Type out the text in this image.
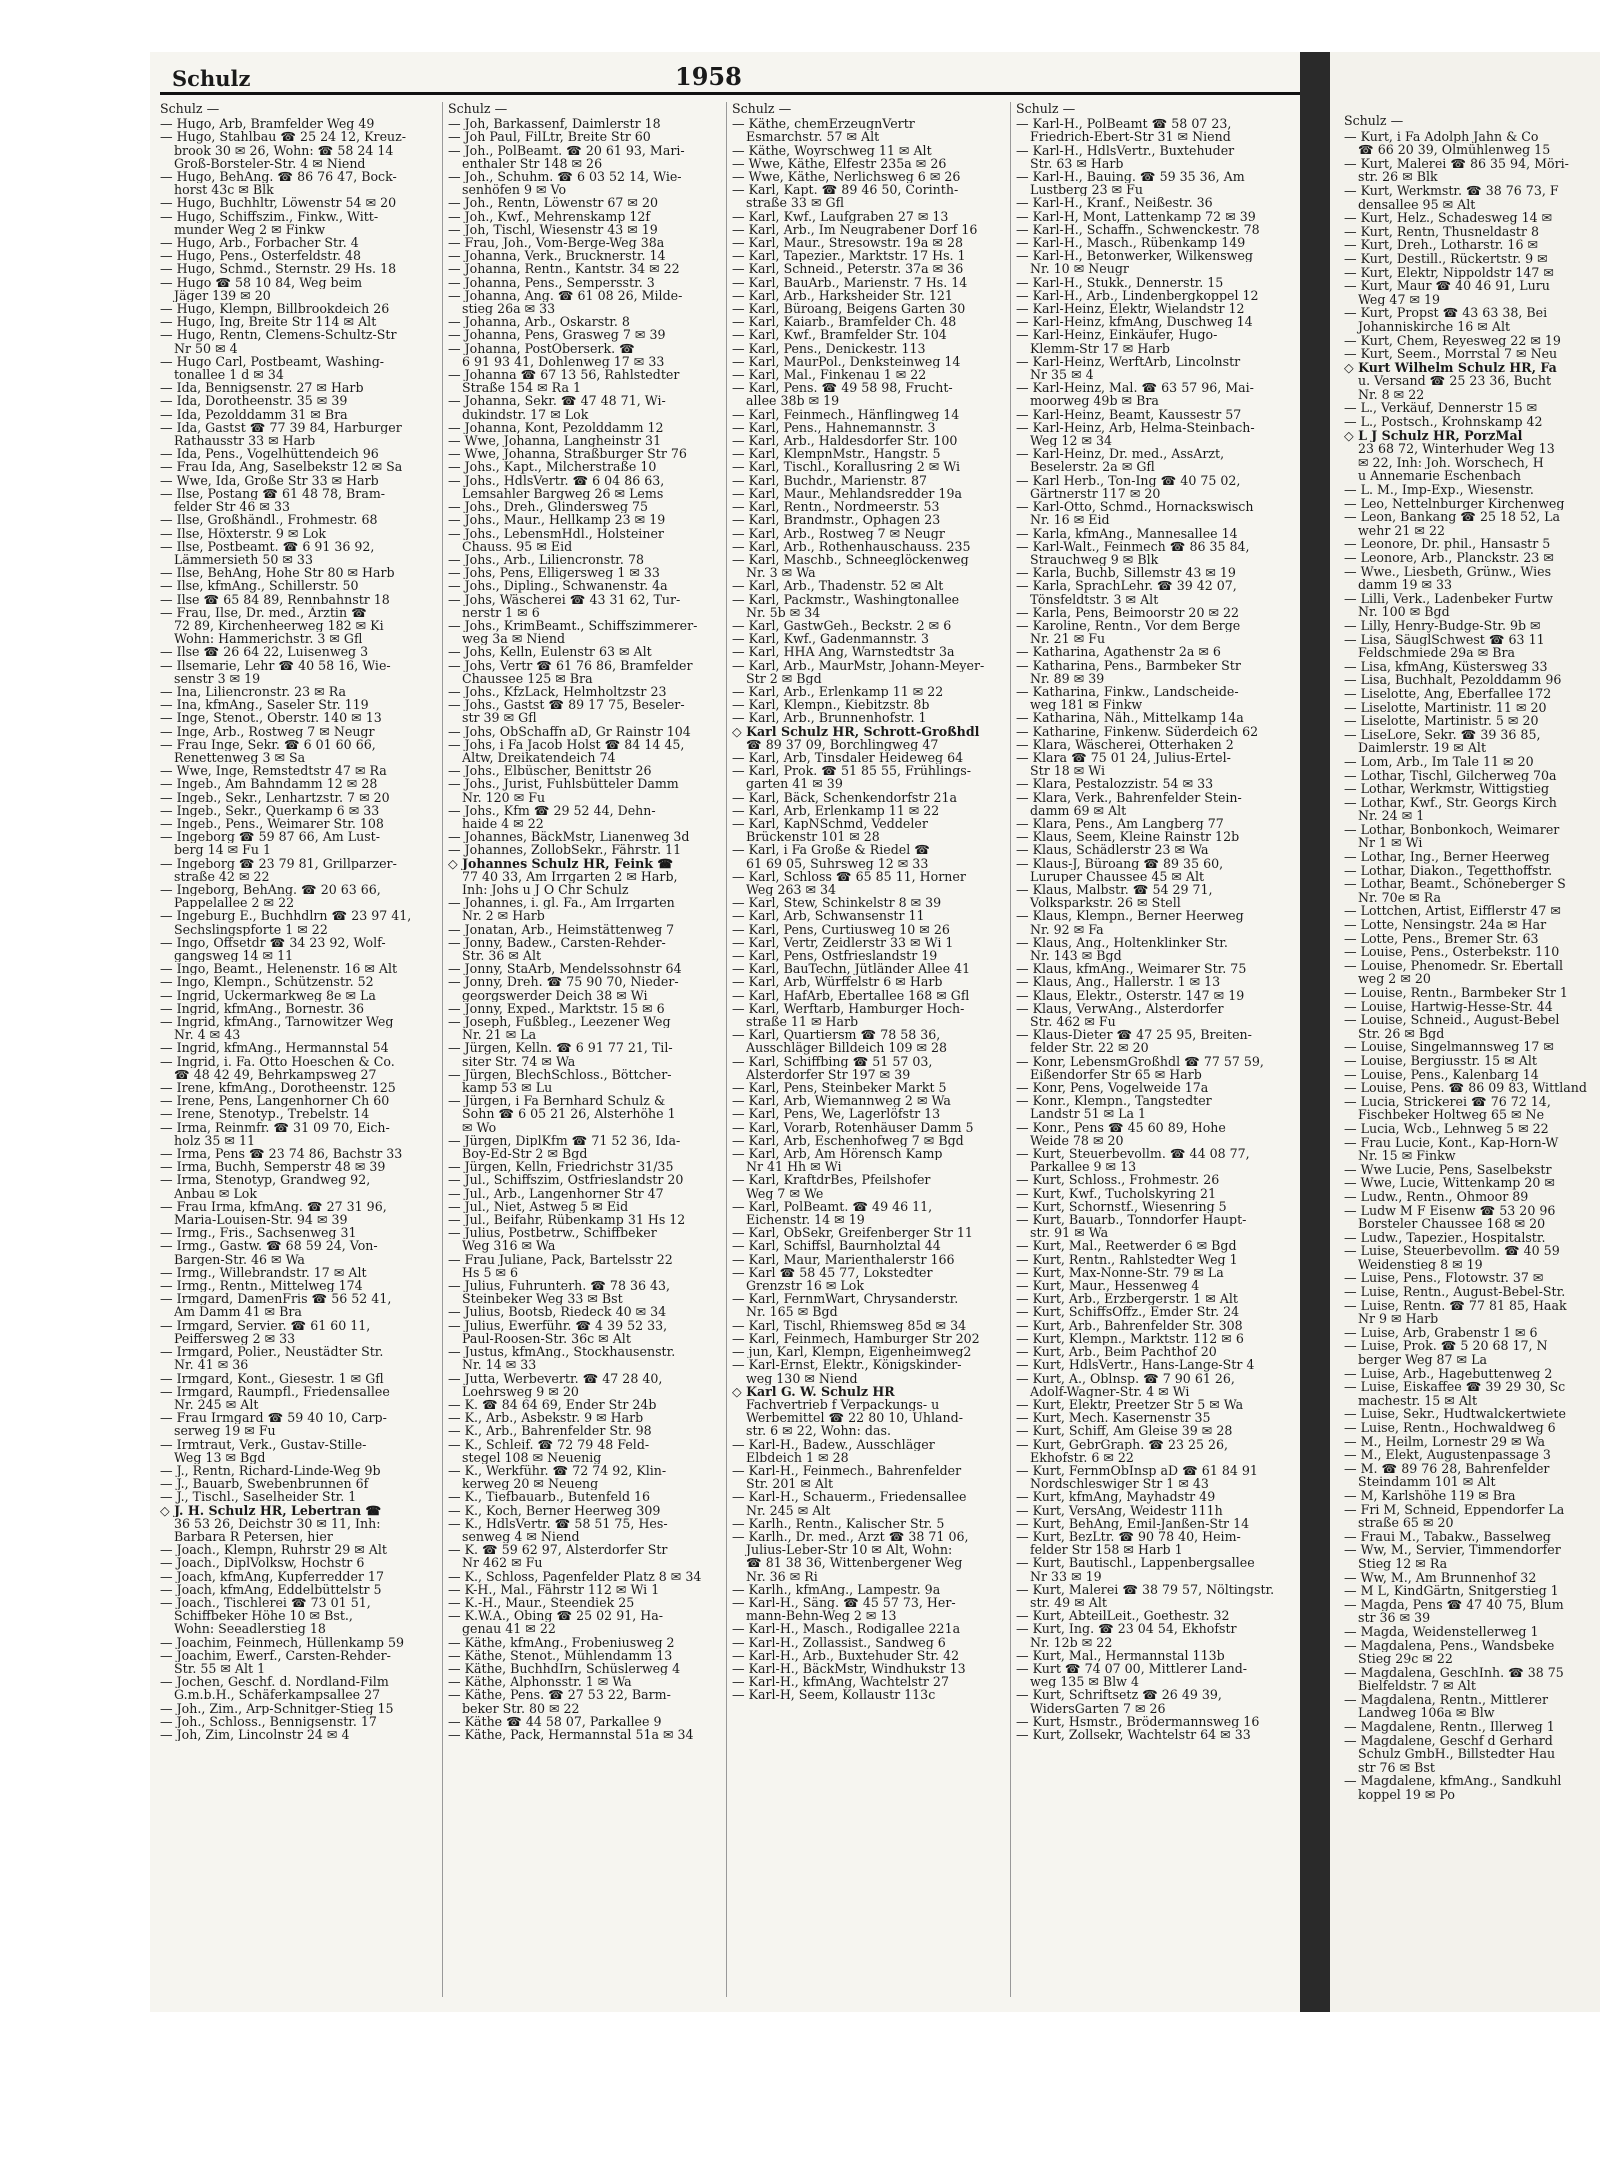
Schulz	1958
Schulz —
— Hugo, Arb, Bramfelder Weg 49
— Hugo, Stahlbau ☎ 25 24 12, Kreuz-
brook 30 ✉ 26, Wohn: ☎ 58 24 14
Groß-Borsteler-Str. 4 ✉ Niend
— Hugo, BehAng. ☎ 86 76 47, Bock-
horst 43c ✉ Blk
— Hugo, Buchhltr, Löwenstr 54 ✉ 20
— Hugo, Schiffszim., Finkw., Witt-
munder Weg 2 ✉ Finkw
— Hugo, Arb., Forbacher Str. 4
— Hugo, Pens., Osterfeldstr. 48
— Hugo, Schmd., Sternstr. 29 Hs. 18
— Hugo ☎ 58 10 84, Weg beim
Jäger 139 ✉ 20
— Hugo, Klempn, Billbrookdeich 26
— Hugo, Ing, Breite Str 114 ✉ Alt
— Hugo, Rentn, Clemens-Schultz-Str
Nr 50 ✉ 4
— Hugo Carl, Postbeamt, Washing-
tonallee 1 d ✉ 34
— Ida, Bennigsenstr. 27 ✉ Harb
— Ida, Dorotheenstr. 35 ✉ 39
— Ida, Pezolddamm 31 ✉ Bra
— Ida, Gastst ☎ 77 39 84, Harburger
Rathausstr 33 ✉ Harb
— Ida, Pens., Vogelhüttendeich 96
— Frau Ida, Ang, Saselbekstr 12 ✉ Sa
— Wwe, Ida, Große Str 33 ✉ Harb
— Ilse, Postang ☎ 61 48 78, Bram-
felder Str 46 ✉ 33
— Ilse, Großhändl., Frohmestr. 68
— Ilse, Höxterstr. 9 ✉ Lok
— Ilse, Postbeamt. ☎ 6 91 36 92,
Lämmersieth 50 ✉ 33
— Ilse, BehAng, Hohe Str 80 ✉ Harb
— Ilse, kfmAng., Schillerstr. 50
— Ilse ☎ 65 84 89, Rennbahnstr 18
— Frau, Ilse, Dr. med., Ärztin ☎
72 89, Kirchenheerweg 182 ✉ Ki
Wohn: Hammerichstr. 3 ✉ Gfl
— Ilse ☎ 26 64 22, Luisenweg 3
— Ilsemarie, Lehr ☎ 40 58 16, Wie-
senstr 3 ✉ 19
— Ina, Liliencronstr. 23 ✉ Ra
— Ina, kfmAng., Saseler Str. 119
— Inge, Stenot., Oberstr. 140 ✉ 13
— Inge, Arb., Rostweg 7 ✉ Neugr
— Frau Inge, Sekr. ☎ 6 01 60 66,
Renettenweg 3 ✉ Sa
— Wwe, Inge, Remstedtstr 47 ✉ Ra
— Ingeb., Am Bahndamm 12 ✉ 28
— Ingeb., Sekr., Lenhartzstr. 7 ✉ 20
— Ingeb., Sekr., Querkamp 6 ✉ 33
— Ingeb., Pens., Weimarer Str. 108
— Ingeborg ☎ 59 87 66, Am Lust-
berg 14 ✉ Fu 1
— Ingeborg ☎ 23 79 81, Grillparzer-
straße 42 ✉ 22
— Ingeborg, BehAng. ☎ 20 63 66,
Pappelallee 2 ✉ 22
— Ingeburg E., Buchhdlrn ☎ 23 97 41,
Sechslingspforte 1 ✉ 22
— Ingo, Offsetdr ☎ 34 23 92, Wolf-
gangsweg 14 ✉ 11
— Ingo, Beamt., Helenenstr. 16 ✉ Alt
— Ingo, Klempn., Schützenstr. 52
— Ingrid, Uckermarkweg 8e ✉ La
— Ingrid, kfmAng., Bornestr. 36
— Ingrid, kfmAng., Tarnowitzer Weg
Nr. 4 ✉ 43
— Ingrid, kfmAng., Hermannstal 54
— Ingrid, i. Fa. Otto Hoeschen & Co.
☎ 48 42 49, Behrkampsweg 27
— Irene, kfmAng., Dorotheenstr. 125
— Irene, Pens, Langenhorner Ch 60
— Irene, Stenotyp., Trebelstr. 14
— Irma, Reinmfr. ☎ 31 09 70, Eich-
holz 35 ✉ 11
— Irma, Pens ☎ 23 74 86, Bachstr 33
— Irma, Buchh, Semperstr 48 ✉ 39
— Irma, Stenotyp, Grandweg 92,
Anbau ✉ Lok
— Frau Irma, kfmAng. ☎ 27 31 96,
Maria-Louisen-Str. 94 ✉ 39
— Irmg., Fris., Sachsenweg 31
— Irmg., Gastw. ☎ 68 59 24, Von-
Bargen-Str. 46 ✉ Wa
— Irmg., Willebrandstr. 17 ✉ Alt
— Irmg., Rentn., Mittelweg 174
— Irmgard, DamenFris ☎ 56 52 41,
Am Damm 41 ✉ Bra
— Irmgard, Servier. ☎ 61 60 11,
Peiffersweg 2 ✉ 33
— Irmgard, Polier., Neustädter Str.
Nr. 41 ✉ 36
— Irmgard, Kont., Giesestr. 1 ✉ Gfl
— Irmgard, Raumpfl., Friedensallee
Nr. 245 ✉ Alt
— Frau Irmgard ☎ 59 40 10, Carp-
serweg 19 ✉ Fu
— Irmtraut, Verk., Gustav-Stille-
Weg 13 ✉ Bgd
— J., Rentn, Richard-Linde-Weg 9b
— J., Bauarb, Swebenbrunnen 6f
— J., Tischl., Saselheider Str. 1
◇ J. H. Schulz HR, Lebertran ☎
36 53 26, Deichstr 30 ✉ 11, Inh:
Barbara R Petersen, hier
— Joach., Klempn, Ruhrstr 29 ✉ Alt
— Joach., DiplVolksw, Hochstr 6
— Joach, kfmAng, Kupferredder 17
— Joach, kfmAng, Eddelbüttelstr 5
— Joach., Tischlerei ☎ 73 01 51,
Schiffbeker Höhe 10 ✉ Bst.,
Wohn: Seeadlerstieg 18
— Joachim, Feinmech, Hüllenkamp 59
— Joachim, Ewerf., Carsten-Rehder-
Str. 55 ✉ Alt 1
— Jochen, Geschf. d. Nordland-Film
G.m.b.H., Schäferkampsallee 27
— Joh., Zim., Arp-Schnitger-Stieg 15
— Joh., Schloss., Bennigsenstr. 17
— Joh, Zim, Lincolnstr 24 ✉ 4
Schulz —
— Joh, Barkassenf, Daimlerstr 18
— Joh Paul, FilLtr, Breite Str 60
— Joh., PolBeamt. ☎ 20 61 93, Mari-
enthaler Str 148 ✉ 26
— Joh., Schuhm. ☎ 6 03 52 14, Wie-
senhöfen 9 ✉ Vo
— Joh., Rentn, Löwenstr 67 ✉ 20
— Joh., Kwf., Mehrenskamp 12f
— Joh, Tischl, Wiesenstr 43 ✉ 19
— Frau, Joh., Vom-Berge-Weg 38a
— Johanna, Verk., Brucknerstr. 14
— Johanna, Rentn., Kantstr. 34 ✉ 22
— Johanna, Pens., Sempersstr. 3
— Johanna, Ang. ☎ 61 08 26, Milde-
stieg 26a ✉ 33
— Johanna, Arb., Oskarstr. 8
— Johanna, Pens, Grasweg 7 ✉ 39
— Johanna, PostOberserk. ☎
6 91 93 41, Dohlenweg 17 ✉ 33
— Johanna ☎ 67 13 56, Rahlstedter
Straße 154 ✉ Ra 1
— Johanna, Sekr. ☎ 47 48 71, Wi-
dukindstr. 17 ✉ Lok
— Johanna, Kont, Pezolddamm 12
— Wwe, Johanna, Langheinstr 31
— Wwe, Johanna, Straßburger Str 76
— Johs., Kapt., Milcherstraße 10
— Johs., HdlsVertr. ☎ 6 04 86 63,
Lemsahler Bargweg 26 ✉ Lems
— Johs., Dreh., Glindersweg 75
— Johs., Maur., Hellkamp 23 ✉ 19
— Johs., LebensmHdl., Holsteiner
Chauss. 95 ✉ Eid
— Johs., Arb., Liliencronstr. 78
— Johs, Pens, Elligersweg 1 ✉ 33
— Johs., Dipling., Schwanenstr. 4a
— Johs, Wäscherei ☎ 43 31 62, Tur-
nerstr 1 ✉ 6
— Johs., KrimBeamt., Schiffszimmerer-
weg 3a ✉ Niend
— Johs, Kelln, Eulenstr 63 ✉ Alt
— Johs, Vertr ☎ 61 76 86, Bramfelder
Chaussee 125 ✉ Bra
— Johs., KfzLack, Helmholtzstr 23
— Johs., Gastst ☎ 89 17 75, Beseler-
str 39 ✉ Gfl
— Johs, ObSchaffn aD, Gr Rainstr 104
— Johs, i Fa Jacob Holst ☎ 84 14 45,
Altw, Dreikatendeich 74
— Johs., Elbüscher, Benittstr 26
— Johs., Jurist, Fuhlsbütteler Damm
Nr. 120 ✉ Fu
— Johs., Kfm ☎ 29 52 44, Dehn-
haide 4 ✉ 22
— Johannes, BäckMstr, Lianenweg 3d
— Johannes, ZollobSekr., Fährstr. 11
◇ Johannes Schulz HR, Feink ☎
77 40 33, Am Irrgarten 2 ✉ Harb,
Inh: Johs u J O Chr Schulz
— Johannes, i. gl. Fa., Am Irrgarten
Nr. 2 ✉ Harb
— Jonatan, Arb., Heimstättenweg 7
— Jonny, Badew., Carsten-Rehder-
Str. 36 ✉ Alt
— Jonny, StaArb, Mendelssohnstr 64
— Jonny, Dreh. ☎ 75 90 70, Nieder-
georgswerder Deich 38 ✉ Wi
— Jonny, Exped., Marktstr. 15 ✉ 6
— Joseph, Fußbleg., Leezener Weg
Nr. 21 ✉ La
— Jürgen, Kelln. ☎ 6 91 77 21, Til-
siter Str. 74 ✉ Wa
— Jürgen, BlechSchloss., Böttcher-
kamp 53 ✉ Lu
— Jürgen, i Fa Bernhard Schulz &
Sohn ☎ 6 05 21 26, Alsterhöhe 1
✉ Wo
— Jürgen, DiplKfm ☎ 71 52 36, Ida-
Boy-Ed-Str 2 ✉ Bgd
— Jürgen, Kelln, Friedrichstr 31/35
— Jul., Schiffszim, Ostfrieslandstr 20
— Jul., Arb., Langenhorner Str 47
— Jul., Niet, Astweg 5 ✉ Eid
— Jul., Beifahr, Rübenkamp 31 Hs 12
— Julius, Postbetrw., Schiffbeker
Weg 316 ✉ Wa
— Frau Juliane, Pack, Bartelsstr 22
Hs 5 ✉ 6
— Julius, Fuhrunterh. ☎ 78 36 43,
Steinbeker Weg 33 ✉ Bst
— Julius, Bootsb, Riedeck 40 ✉ 34
— Julius, Ewerführ. ☎ 4 39 52 33,
Paul-Roosen-Str. 36c ✉ Alt
— Justus, kfmAng., Stockhausenstr.
Nr. 14 ✉ 33
— Jutta, Werbevertr. ☎ 47 28 40,
Loehrsweg 9 ✉ 20
— K. ☎ 84 64 69, Ender Str 24b
— K., Arb., Asbekstr. 9 ✉ Harb
— K., Arb., Bahrenfelder Str. 98
— K., Schleif. ☎ 72 79 48 Feld-
stegel 108 ✉ Neuenig
— K., Werkführ. ☎ 72 74 92, Klin-
kerweg 20 ✉ Neueng
— K., Tiefbauarb., Butenfeld 16
— K., Koch, Berner Heerweg 309
— K., HdlsVertr. ☎ 58 51 75, Hes-
senweg 4 ✉ Niend
— K. ☎ 59 62 97, Alsterdorfer Str
Nr 462 ✉ Fu
— K., Schloss, Pagenfelder Platz 8 ✉ 34
— K-H., Mal., Fährstr 112 ✉ Wi 1
— K.-H., Maur., Steendiek 25
— K.W.A., Obing ☎ 25 02 91, Ha-
genau 41 ✉ 22
— Käthe, kfmAng., Frobeniusweg 2
— Käthe, Stenot., Mühlendamm 13
— Käthe, BuchhdIrn, Schüslerweg 4
— Käthe, Alphonsstr. 1 ✉ Wa
— Käthe, Pens. ☎ 27 53 22, Barm-
beker Str. 80 ✉ 22
— Käthe ☎ 44 58 07, Parkallee 9
— Käthe, Pack, Hermannstal 51a ✉ 34
Schulz —
— Käthe, chemErzeugnVertr
Esmarchstr. 57 ✉ Alt
— Käthe, Woyrschweg 11 ✉ Alt
— Wwe, Käthe, Elfestr 235a ✉ 26
— Wwe, Käthe, Nerlichsweg 6 ✉ 26
— Karl, Kapt. ☎ 89 46 50, Corinth-
straße 33 ✉ Gfl
— Karl, Kwf., Laufgraben 27 ✉ 13
— Karl, Arb., Im Neugrabener Dorf 16
— Karl, Maur., Stresowstr. 19a ✉ 28
— Karl, Tapezier., Marktstr. 17 Hs. 1
— Karl, Schneid., Peterstr. 37a ✉ 36
— Karl, BauArb., Marienstr. 7 Hs. 14
— Karl, Arb., Harksheider Str. 121
— Karl, Büroang, Beigens Garten 30
— Karl, Kaiarb., Bramfelder Ch. 48
— Karl, Kwf., Bramfelder Str. 104
— Karl, Pens., Denickestr. 113
— Karl, MaurPol., Denksteinweg 14
— Karl, Mal., Finkenau 1 ✉ 22
— Karl, Pens. ☎ 49 58 98, Frucht-
allee 38b ✉ 19
— Karl, Feinmech., Hänflingweg 14
— Karl, Pens., Hahnemannstr. 3
— Karl, Arb., Haldesdorfer Str. 100
— Karl, KlempnMstr., Hangstr. 5
— Karl, Tischl., Korallusring 2 ✉ Wi
— Karl, Buchdr., Marienstr. 87
— Karl, Maur., Mehlandsredder 19a
— Karl, Rentn., Nordmeerstr. 53
— Karl, Brandmstr., Ophagen 23
— Karl, Arb., Rostweg 7 ✉ Neugr
— Karl, Arb., Rothenhauschauss. 235
— Karl, Maschb., Schneeglöckenweg
Nr. 3 ✉ Wa
— Karl, Arb., Thadenstr. 52 ✉ Alt
— Karl, Packmstr., Washingtonallee
Nr. 5b ✉ 34
— Karl, GastwGeh., Beckstr. 2 ✉ 6
— Karl, Kwf., Gadenmannstr. 3
— Karl, HHA Ang, Warnstedtstr 3a
— Karl, Arb., MaurMstr, Johann-Meyer-
Str 2 ✉ Bgd
— Karl, Arb., Erlenkamp 11 ✉ 22
— Karl, Klempn., Kiebitzstr. 8b
— Karl, Arb., Brunnenhofstr. 1
◇ Karl Schulz HR, Schrott-Großhdl
☎ 89 37 09, Borchlingweg 47
— Karl, Arb, Tinsdaler Heideweg 64
— Karl, Prok. ☎ 51 85 55, Frühlings-
garten 41 ✉ 39
— Karl, Bäck, Schenkendorfstr 21a
— Karl, Arb, Erlenkamp 11 ✉ 22
— Karl, KapNSchmd, Veddeler
Brückenstr 101 ✉ 28
— Karl, i Fa Große & Riedel ☎
61 69 05, Suhrsweg 12 ✉ 33
— Karl, Schloss ☎ 65 85 11, Horner
Weg 263 ✉ 34
— Karl, Stew, Schinkelstr 8 ✉ 39
— Karl, Arb, Schwansenstr 11
— Karl, Pens, Curtiusweg 10 ✉ 26
— Karl, Vertr, Zeidlerstr 33 ✉ Wi 1
— Karl, Pens, Ostfrieslandstr 19
— Karl, BauTechn, Jütländer Allee 41
— Karl, Arb, Würffelstr 6 ✉ Harb
— Karl, HafArb, Ebertallee 168 ✉ Gfl
— Karl, Werftarb, Hamburger Hoch-
straße 11 ✉ Harb
— Karl, Quartiersm ☎ 78 58 36,
Ausschläger Billdeich 109 ✉ 28
— Karl, Schiffbing ☎ 51 57 03,
Alsterdorfer Str 197 ✉ 39
— Karl, Pens, Steinbeker Markt 5
— Karl, Arb, Wiemannweg 2 ✉ Wa
— Karl, Pens, We, Lagerlöfstr 13
— Karl, Vorarb, Rotenhäuser Damm 5
— Karl, Arb, Eschenhofweg 7 ✉ Bgd
— Karl, Arb, Am Hörensch Kamp
Nr 41 Hh ✉ Wi
— Karl, KraftdrBes, Pfeilshofer
Weg 7 ✉ We
— Karl, PolBeamt. ☎ 49 46 11,
Eichenstr. 14 ✉ 19
— Karl, ObSekr, Greifenberger Str 11
— Karl, Schiffsl, Baurnholztal 44
— Karl, Maur, Marienthalerstr 166
— Karl ☎ 58 45 77, Lokstedter
Grenzstr 16 ✉ Lok
— Karl, FernmWart, Chrysanderstr.
Nr. 165 ✉ Bgd
— Karl, Tischl, Rhiemsweg 85d ✉ 34
— Karl, Feinmech, Hamburger Str 202
— jun, Karl, Klempn, Eigenheimweg2
— Karl-Ernst, Elektr., Königskinder-
weg 130 ✉ Niend
◇ Karl G. W. Schulz HR
Fachvertrieb f Verpackungs- u
Werbemittel ☎ 22 80 10, Uhland-
str. 6 ✉ 22, Wohn: das.
— Karl-H., Badew., Ausschläger
Elbdeich 1 ✉ 28
— Karl-H., Feinmech., Bahrenfelder
Str. 201 ✉ Alt
— Karl-H., Schauerm., Friedensallee
Nr. 245 ✉ Alt
— Karlh., Rentn., Kalischer Str. 5
— Karlh., Dr. med., Arzt ☎ 38 71 06,
Julius-Leber-Str 10 ✉ Alt, Wohn:
☎ 81 38 36, Wittenbergener Weg
Nr. 36 ✉ Ri
— Karlh., kfmAng., Lampestr. 9a
— Karl-H., Säng. ☎ 45 57 73, Her-
mann-Behn-Weg 2 ✉ 13
— Karl-H., Masch., Rodigallee 221a
— Karl-H., Zollassist., Sandweg 6
— Karl-H., Arb., Buxtehuder Str. 42
— Karl-H., BäckMstr, Windhukstr 13
— Karl-H., kfmAng, Wachtelstr 27
— Karl-H, Seem, Kollaustr 113c
Schulz —
— Karl-H., PolBeamt ☎ 58 07 23,
Friedrich-Ebert-Str 31 ✉ Niend
— Karl-H., HdlsVertr., Buxtehuder
Str. 63 ✉ Harb
— Karl-H., Bauing. ☎ 59 35 36, Am
Lustberg 23 ✉ Fu
— Karl-H., Kranf., Neißestr. 36
— Karl-H, Mont, Lattenkamp 72 ✉ 39
— Karl-H., Schaffn., Schwenckestr. 78
— Karl-H., Masch., Rübenkamp 149
— Karl-H., Betonwerker, Wilkensweg
Nr. 10 ✉ Neugr
— Karl-H., Stukk., Dennerstr. 15
— Karl-H., Arb., Lindenbergkoppel 12
— Karl-Heinz, Elektr, Wielandstr 12
— Karl-Heinz, kfmAng, Duschweg 14
— Karl-Heinz, Einkäufer, Hugo-
Klemm-Str 17 ✉ Harb
— Karl-Heinz, WerftArb, Lincolnstr
Nr 35 ✉ 4
— Karl-Heinz, Mal. ☎ 63 57 96, Mai-
moorweg 49b ✉ Bra
— Karl-Heinz, Beamt, Kaussestr 57
— Karl-Heinz, Arb, Helma-Steinbach-
Weg 12 ✉ 34
— Karl-Heinz, Dr. med., AssArzt,
Beselerstr. 2a ✉ Gfl
— Karl Herb., Ton-Ing ☎ 40 75 02,
Gärtnerstr 117 ✉ 20
— Karl-Otto, Schmd., Hornackswisch
Nr. 16 ✉ Eid
— Karla, kfmAng., Mannesallee 14
— Karl-Walt., Feinmech ☎ 86 35 84,
Strauchweg 9 ✉ Blk
— Karla, Buchb, Sillemstr 43 ✉ 19
— Karla, SprachLehr. ☎ 39 42 07,
Tönsfeldtstr. 3 ✉ Alt
— Karla, Pens, Beimoorstr 20 ✉ 22
— Karoline, Rentn., Vor dem Berge
Nr. 21 ✉ Fu
— Katharina, Agathenstr 2a ✉ 6
— Katharina, Pens., Barmbeker Str
Nr. 89 ✉ 39
— Katharina, Finkw., Landscheide-
weg 181 ✉ Finkw
— Katharina, Näh., Mittelkamp 14a
— Katharine, Finkenw. Süderdeich 62
— Klara, Wäscherei, Otterhaken 2
— Klara ☎ 75 01 24, Julius-Ertel-
Str 18 ✉ Wi
— Klara, Pestalozzistr. 54 ✉ 33
— Klara, Verk., Bahrenfelder Stein-
damm 69 ✉ Alt
— Klara, Pens., Am Langberg 77
— Klaus, Seem, Kleine Rainstr 12b
— Klaus, Schädlerstr 23 ✉ Wa
— Klaus-J, Büroang ☎ 89 35 60,
Luruper Chaussee 45 ✉ Alt
— Klaus, Malbstr. ☎ 54 29 71,
Volksparkstr. 26 ✉ Stell
— Klaus, Klempn., Berner Heerweg
Nr. 92 ✉ Fa
— Klaus, Ang., Holtenklinker Str.
Nr. 143 ✉ Bgd
— Klaus, kfmAng., Weimarer Str. 75
— Klaus, Ang., Hallerstr. 1 ✉ 13
— Klaus, Elektr., Osterstr. 147 ✉ 19
— Klaus, VerwAng., Alsterdorfer
Str. 462 ✉ Fu
— Klaus-Dieter ☎ 47 25 95, Breiten-
felder Str. 22 ✉ 20
— Konr, LebensmGroßhdl ☎ 77 57 59,
Eißendorfer Str 65 ✉ Harb
— Konr, Pens, Vogelweide 17a
— Konr., Klempn., Tangstedter
Landstr 51 ✉ La 1
— Konr., Pens ☎ 45 60 89, Hohe
Weide 78 ✉ 20
— Kurt, Steuerbevollm. ☎ 44 08 77,
Parkallee 9 ✉ 13
— Kurt, Schloss., Frohmestr. 26
— Kurt, Kwf., Tucholskyring 21
— Kurt, Schornstf., Wiesenring 5
— Kurt, Bauarb., Tonndorfer Haupt-
str. 91 ✉ Wa
— Kurt, Mal., Reetwerder 6 ✉ Bgd
— Kurt, Rentn., Rahlstedter Weg 1
— Kurt, Max-Nonne-Str. 79 ✉ La
— Kurt, Maur., Hessenweg 4
— Kurt, Arb., Erzbergerstr. 1 ✉ Alt
— Kurt, SchiffsOffz., Emder Str. 24
— Kurt, Arb., Bahrenfelder Str. 308
— Kurt, Klempn., Marktstr. 112 ✉ 6
— Kurt, Arb., Beim Pachthof 20
— Kurt, HdlsVertr., Hans-Lange-Str 4
— Kurt, A., Oblnsp. ☎ 7 90 61 26,
Adolf-Wagner-Str. 4 ✉ Wi
— Kurt, Elektr, Preetzer Str 5 ✉ Wa
— Kurt, Mech. Kasernenstr 35
— Kurt, Schiff, Am Gleise 39 ✉ 28
— Kurt, GebrGraph. ☎ 23 25 26,
Ekhofstr. 6 ✉ 22
— Kurt, FernmObInsp aD ☎ 61 84 91
Nordschleswiger Str 1 ✉ 43
— Kurt, kfmAng, Mayhadstr 49
— Kurt, VersAng, Weidestr 111h
— Kurt, BehAng, Emil-Janßen-Str 14
— Kurt, BezLtr. ☎ 90 78 40, Heim-
felder Str 158 ✉ Harb 1
— Kurt, Bautischl., Lappenbergsallee
Nr 33 ✉ 19
— Kurt, Malerei ☎ 38 79 57, Nöltingstr.
str. 49 ✉ Alt
— Kurt, AbteilLeit., Goethestr. 32
— Kurt, Ing. ☎ 23 04 54, Ekhofstr
Nr. 12b ✉ 22
— Kurt, Mal., Hermannstal 113b
— Kurt ☎ 74 07 00, Mittlerer Land-
weg 135 ✉ Blw 4
— Kurt, Schriftsetz ☎ 26 49 39,
WidersGarten 7 ✉ 26
— Kurt, Hsmstr., Brödermannsweg 16
— Kurt, Zollsekr, Wachtelstr 64 ✉ 33
Schulz —
— Kurt, i Fa Adolph Jahn & Co
☎ 66 20 39, Olmühlenweg 15
— Kurt, Malerei ☎ 86 35 94, Möri-
str. 26 ✉ Blk
— Kurt, Werkmstr. ☎ 38 76 73, F
densallee 95 ✉ Alt
— Kurt, Helz., Schadesweg 14 ✉
— Kurt, Rentn, Thusneldastr 8
— Kurt, Dreh., Lotharstr. 16 ✉
— Kurt, Destill., Rückertstr. 9 ✉
— Kurt, Elektr, Nippoldstr 147 ✉
— Kurt, Maur ☎ 40 46 91, Luru
Weg 47 ✉ 19
— Kurt, Propst ☎ 43 63 38, Bei
Johanniskirche 16 ✉ Alt
— Kurt, Chem, Reyesweg 22 ✉ 19
— Kurt, Seem., Morrstal 7 ✉ Neu
◇ Kurt Wilhelm Schulz HR, Fa
u. Versand ☎ 25 23 36, Bucht
Nr. 8 ✉ 22
— L., Verkäuf, Dennerstr 15 ✉
— L., Postsch., Krohnskamp 42
◇ L J Schulz HR, PorzMal
23 68 72, Winterhuder Weg 13
✉ 22, Inh: Joh. Worschech, H
u Annemarie Eschenbach
— L. M., Imp-Exp., Wiesenstr.
— Leo, Nettelnburger Kirchenweg
— Leon, Bankang ☎ 25 18 52, La
wehr 21 ✉ 22
— Leonore, Dr. phil., Hansastr 5
— Leonore, Arb., Planckstr. 23 ✉
— Wwe., Liesbeth, Grünw., Wies
damm 19 ✉ 33
— Lilli, Verk., Ladenbeker Furtw
Nr. 100 ✉ Bgd
— Lilly, Henry-Budge-Str. 9b ✉
— Lisa, SäuglSchwest ☎ 63 11
Feldschmiede 29a ✉ Bra
— Lisa, kfmAng, Küstersweg 33
— Lisa, Buchhalt, Pezolddamm 96
— Liselotte, Ang, Eberfallee 172
— Liselotte, Martinistr. 11 ✉ 20
— Liselotte, Martinistr. 5 ✉ 20
— LiseLore, Sekr. ☎ 39 36 85,
Daimlerstr. 19 ✉ Alt
— Lom, Arb., Im Tale 11 ✉ 20
— Lothar, Tischl, Gilcherweg 70a
— Lothar, Werkmstr, Wittigstieg
— Lothar, Kwf., Str. Georgs Kirch
Nr. 24 ✉ 1
— Lothar, Bonbonkoch, Weimarer
Nr 1 ✉ Wi
— Lothar, Ing., Berner Heerweg
— Lothar, Diakon., Tegetthoffstr.
— Lothar, Beamt., Schöneberger S
Nr. 70e ✉ Ra
— Lottchen, Artist, Eifflerstr 47 ✉
— Lotte, Nensingstr. 24a ✉ Har
— Lotte, Pens., Bremer Str. 63
— Louise, Pens., Osterbekstr. 110
— Louise, Phenomedr. Sr. Ebertall
weg 2 ✉ 20
— Louise, Rentn., Barmbeker Str 1
— Louise, Hartwig-Hesse-Str. 44
— Louise, Schneid., August-Bebel
Str. 26 ✉ Bgd
— Louise, Singelmannsweg 17 ✉
— Louise, Bergiusstr. 15 ✉ Alt
— Louise, Pens., Kalenbarg 14
— Louise, Pens. ☎ 86 09 83, Wittland
— Lucia, Strickerei ☎ 76 72 14,
Fischbeker Holtweg 65 ✉ Ne
— Lucia, Wcb., Lehnweg 5 ✉ 22
— Frau Lucie, Kont., Kap-Horn-W
Nr. 15 ✉ Finkw
— Wwe Lucie, Pens, Saselbekstr
— Wwe, Lucie, Wittenkamp 20 ✉
— Ludw., Rentn., Ohmoor 89
— Ludw M F Eisenw ☎ 53 20 96
Borsteler Chaussee 168 ✉ 20
— Ludw., Tapezier., Hospitalstr.
— Luise, Steuerbevollm. ☎ 40 59
Weidenstieg 8 ✉ 19
— Luise, Pens., Flotowstr. 37 ✉
— Luise, Rentn., August-Bebel-Str.
— Luise, Rentn. ☎ 77 81 85, Haak
Nr 9 ✉ Harb
— Luise, Arb, Grabenstr 1 ✉ 6
— Luise, Prok. ☎ 5 20 68 17, N
berger Weg 87 ✉ La
— Luise, Arb., Hagebuttenweg 2
— Luise, Eiskaffee ☎ 39 29 30, Sc
machestr. 15 ✉ Alt
— Luise, Sekr., Hudtwalckertwiete
— Luise, Rentn., Hochwaldweg 6
— M., Heilm, Lornestr 29 ✉ Wa
— M., Elekt, Augustenpassage 3
— M. ☎ 89 76 28, Bahrenfelder
Steindamm 101 ✉ Alt
— M, Karlshöhe 119 ✉ Bra
— Fri M, Schneid, Eppendorfer La
straße 65 ✉ 20
— Fraui M., Tabakw., Basselweg
— Ww, M., Servier, Timmendorfer
Stieg 12 ✉ Ra
— Ww, M., Am Brunnenhof 32
— M L, KindGärtn, Snitgerstieg 1
— Magda, Pens ☎ 47 40 75, Blum
str 36 ✉ 39
— Magda, Weidenstellerweg 1
— Magdalena, Pens., Wandsbeke
Stieg 29c ✉ 22
— Magdalena, GeschInh. ☎ 38 75
Bielfeldstr. 7 ✉ Alt
— Magdalena, Rentn., Mittlerer
Landweg 106a ✉ Blw
— Magdalene, Rentn., Illerweg 1
— Magdalene, Geschf d Gerhard
Schulz GmbH., Billstedter Hau
str 76 ✉ Bst
— Magdalene, kfmAng., Sandkuhl
koppel 19 ✉ Po
